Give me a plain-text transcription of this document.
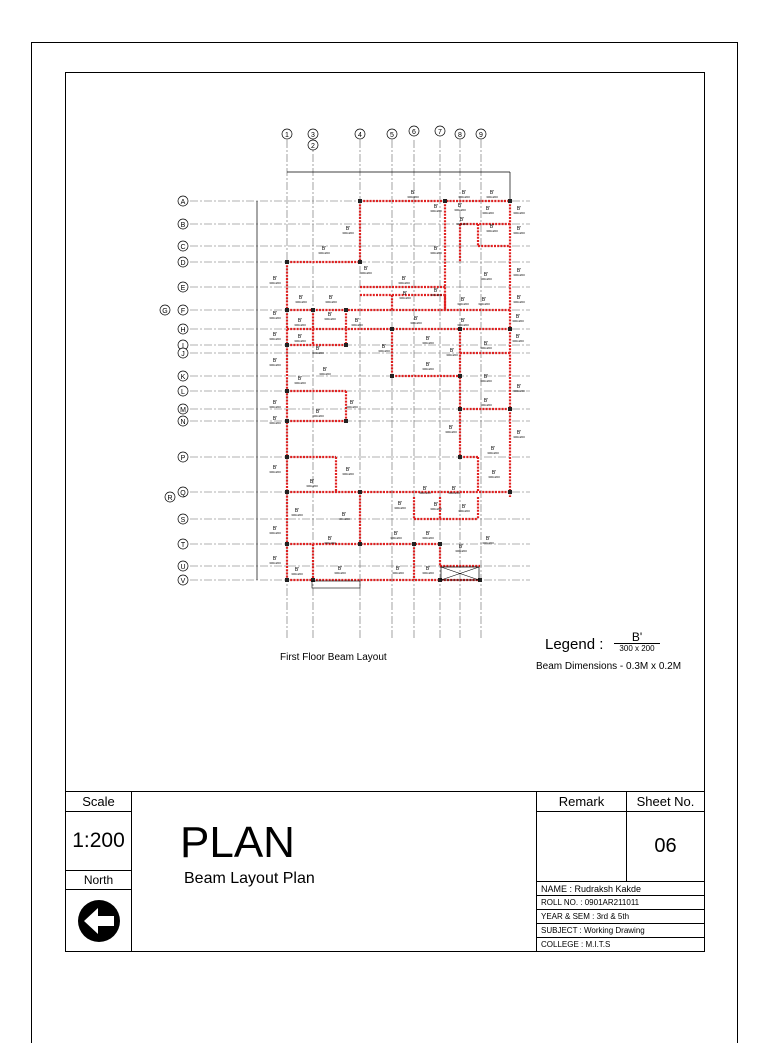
1	3
2
4	5	6	7 8 9
A
B
C
D
E
G F
H
I
J
K
L
M
N
P
Q
R
S
T
U
V
B'
300x200
B'
300x200
B'
300x200
B'
300x200
B'
300x200	B'
300x200
B'
300x200
B'
300x200	B'
300x200	B'
300x200
B'
300x200
B'
300x200
B'
300x200
B'
300x200
B'
300x200
B'
300x200
B'
300x200
B'
300x200
B'
300x200
B'
300x200
B'
300x200
B'
300x200	B'
300x200
B'
300x200
B'
300x200
B'
300x200	B'
300x200
B'
300x200
B'
300x200
B'
300x200
B'
300x200	B'
300x200
B'
300x200	B'
300x200
B'
300x200
B'
300x200
B'
300x200	B'
300x200
B'
300x200
B'
300x200
B'
300x200	B'
300x200
B'
300x200
B'
300x200
B'
300x200
B'
300x200
B'
300x200
B'
300x200
B'
300x200
B'
300x200
B'
300x200	B'
300x200
B'
300x200
B'
300x200
B'
300x200	B'
300x200
B'
300x200	B'
300x200
B'
300x200
B'
300x200
B'
300x200	B'
300x200	B'
300x200
B'
300x200	B'
300x200
B'
300x200	B'
300x200
B'
300x200	B'
300x200
B'
300x200
B'
300x200
B'
300x200
B'
300x200
B'
300x200
B'
300x200
B'
300x200
First Floor Beam Layout
Legend :	B'
300 x 200
Beam Dimensions - 0.3M x 0.2M
Scale
1:200
North
PLAN
Beam Layout Plan
Remark Sheet No.
06
NAME : Rudraksh Kakde
ROLL NO. : 0901AR211011
YEAR & SEM : 3rd & 5th
SUBJECT : Working Drawing
COLLEGE : M.I.T.S
